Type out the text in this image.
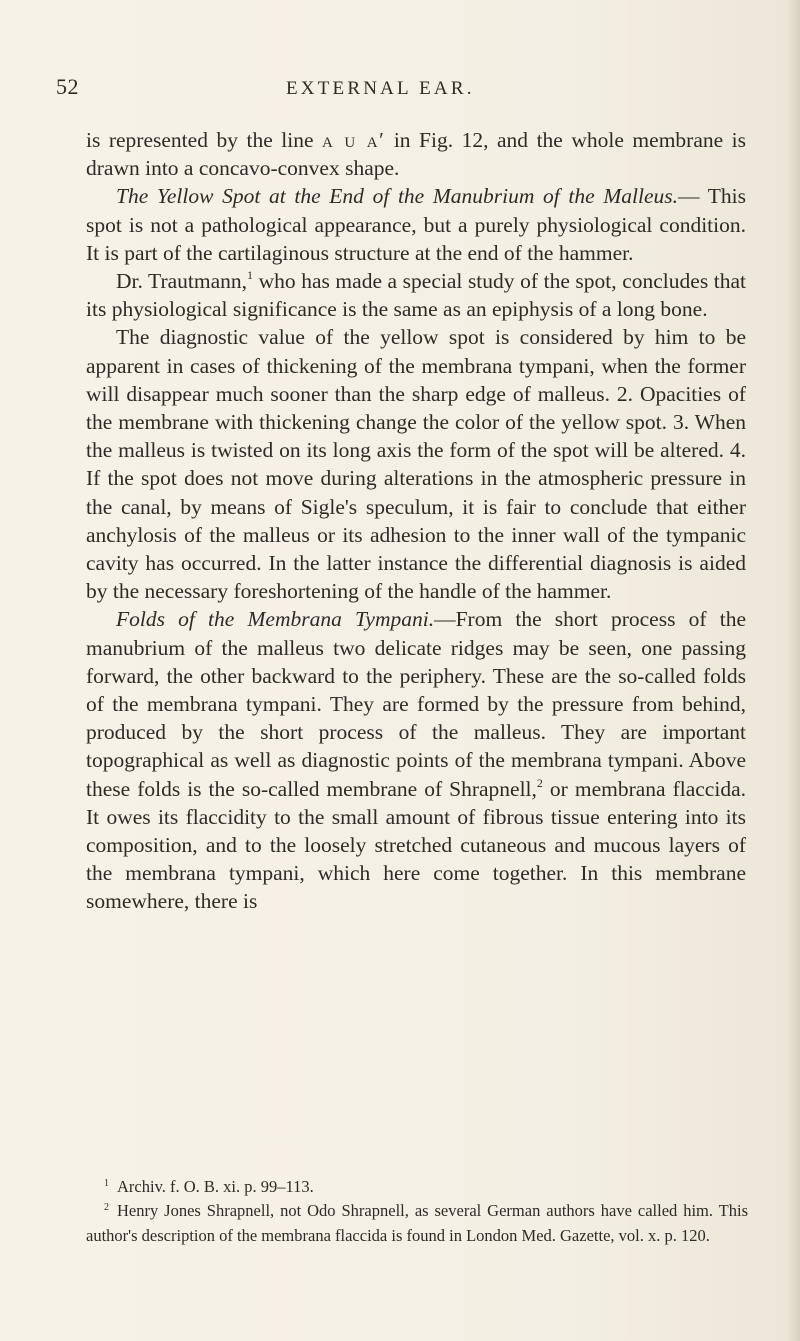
52	EXTERNAL EAR.

is represented by the line a u a′ in Fig. 12, and the whole membrane is drawn into a concavo-convex shape.

The Yellow Spot at the End of the Manubrium of the Malleus.— This spot is not a pathological appearance, but a purely physiological condition. It is part of the cartilaginous structure at the end of the hammer.

Dr. Trautmann,$^1$ who has made a special study of the spot, concludes that its physiological significance is the same as an epiphysis of a long bone.

The diagnostic value of the yellow spot is considered by him to be apparent in cases of thickening of the membrana tympani, when the former will disappear much sooner than the sharp edge of malleus. 2. Opacities of the membrane with thickening change the color of the yellow spot. 3. When the malleus is twisted on its long axis the form of the spot will be altered. 4. If the spot does not move during alterations in the atmospheric pressure in the canal, by means of Sigle's speculum, it is fair to conclude that either anchylosis of the malleus or its adhesion to the inner wall of the tympanic cavity has occurred. In the latter instance the differential diagnosis is aided by the necessary foreshortening of the handle of the hammer.

Folds of the Membrana Tympani.—From the short process of the manubrium of the malleus two delicate ridges may be seen, one passing forward, the other backward to the periphery. These are the so-called folds of the membrana tympani. They are formed by the pressure from behind, produced by the short process of the malleus. They are important topographical as well as diagnostic points of the membrana tympani. Above these folds is the so-called membrane of Shrapnell,$^2$ or membrana flaccida. It owes its flaccidity to the small amount of fibrous tissue entering into its composition, and to the loosely stretched cutaneous and mucous layers of the membrana tympani, which here come together. In this membrane somewhere, there is

$^1$ Archiv. f. O. B. xi. p. 99–113.

$^2$ Henry Jones Shrapnell, not Odo Shrapnell, as several German authors have called him. This author's description of the membrana flaccida is found in London Med. Gazette, vol. x. p. 120.
